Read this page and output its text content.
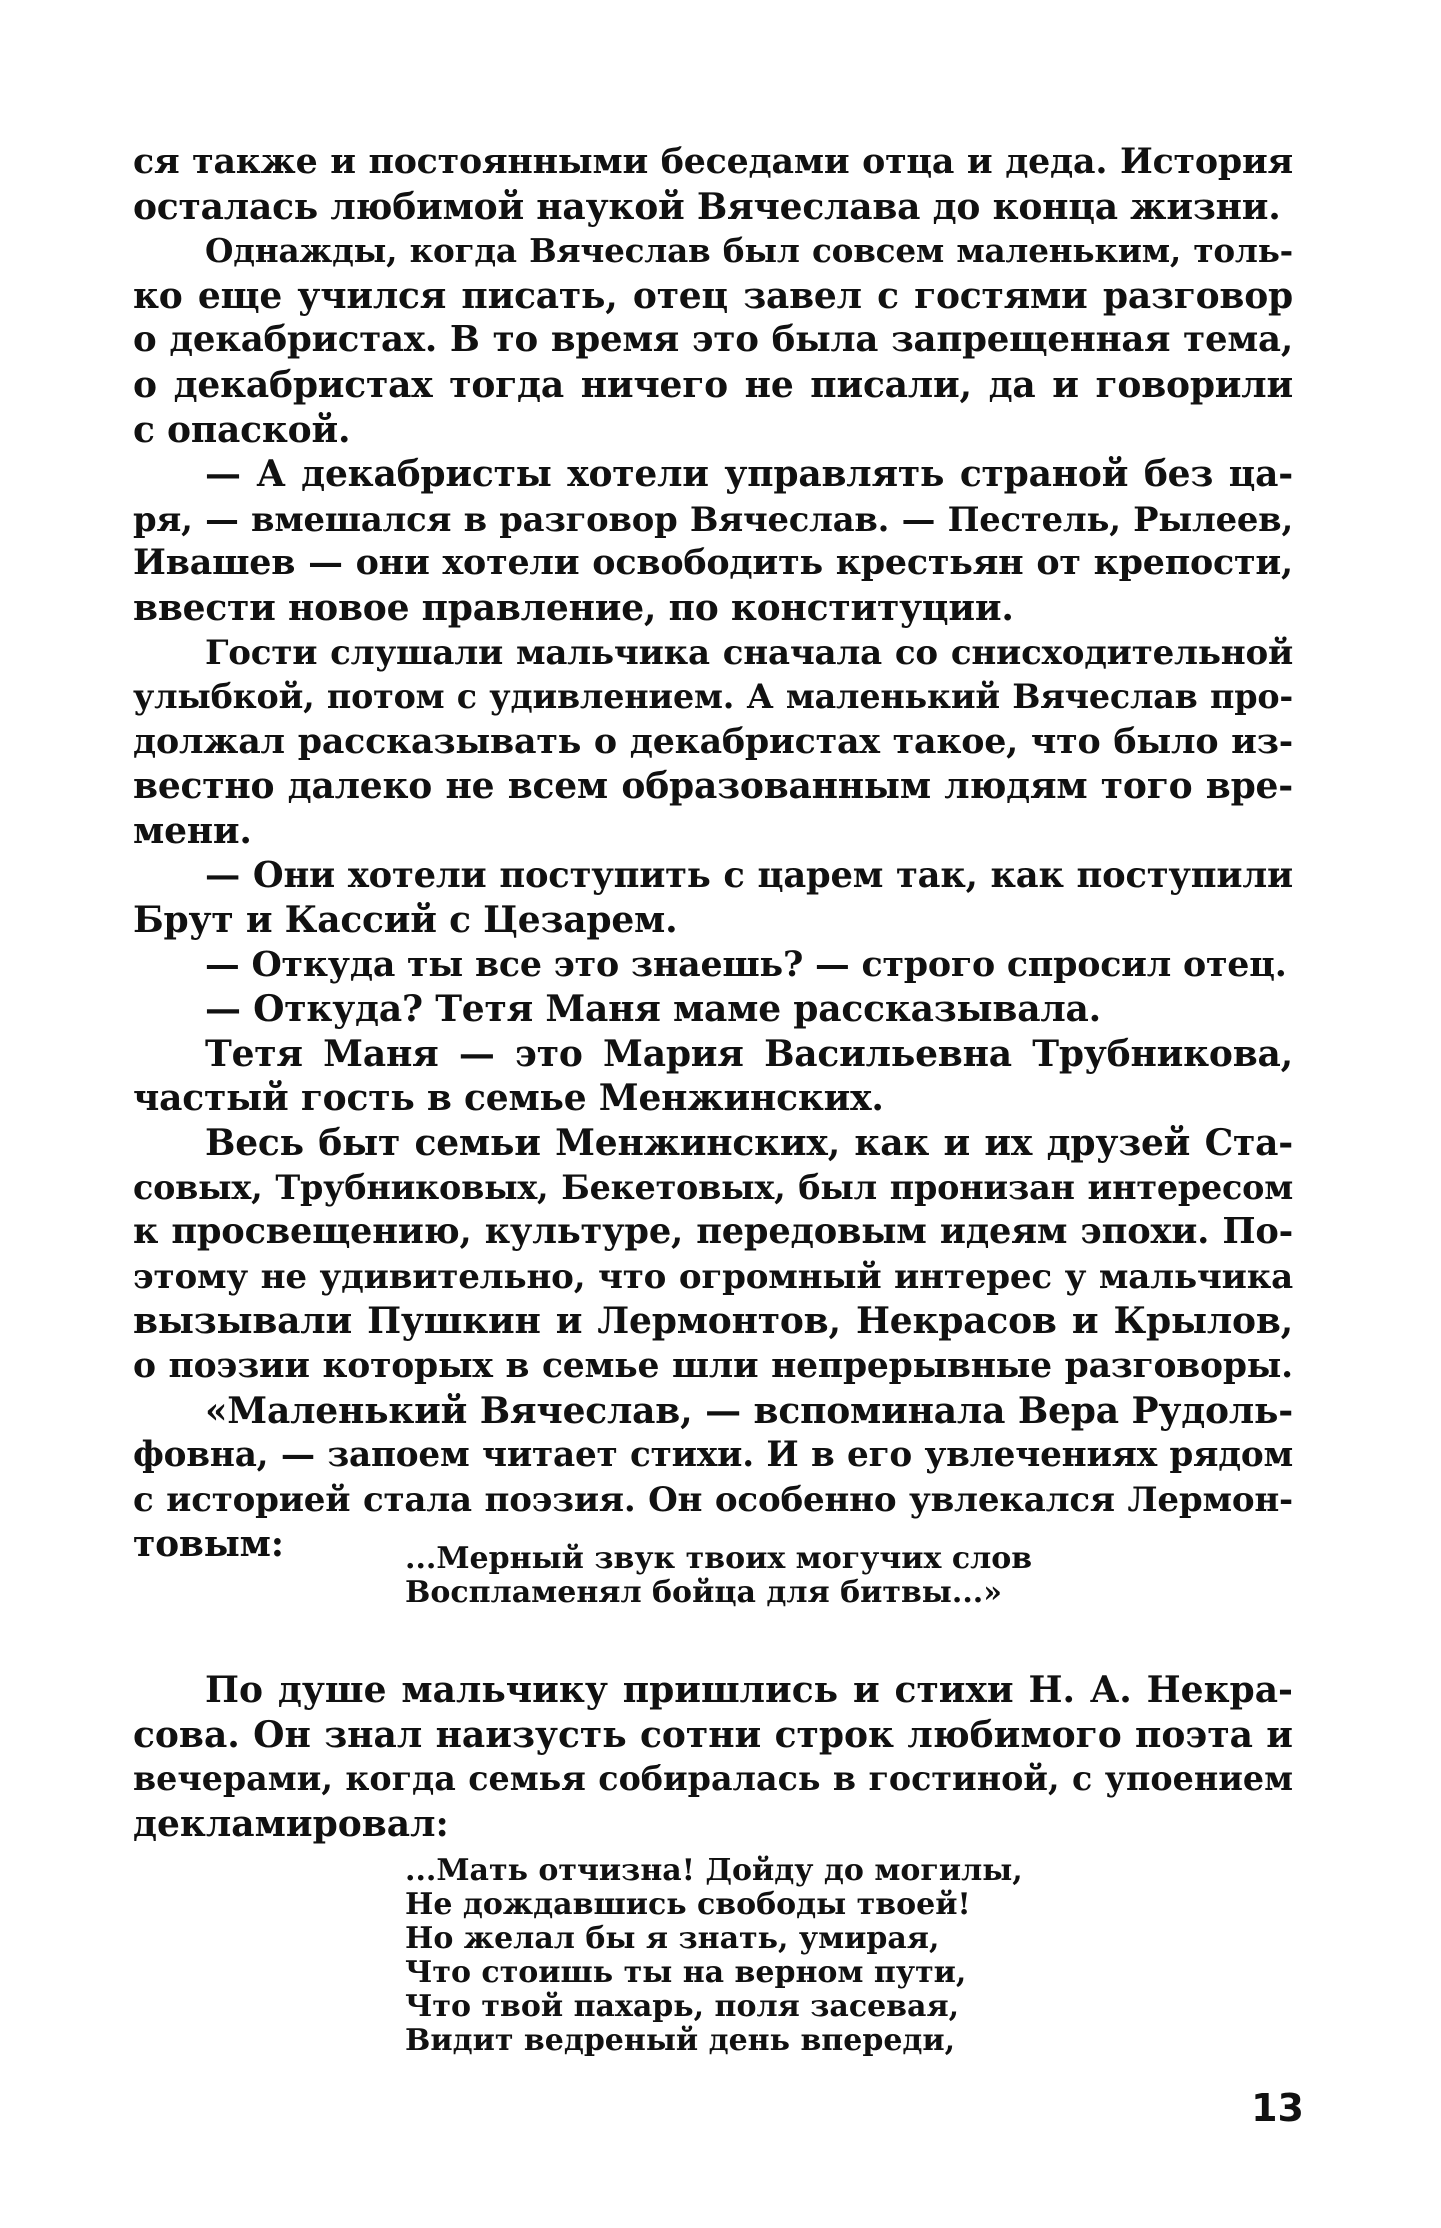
ся также и постоянными беседами отца и деда. История
осталась любимой наукой Вячеслава до конца жизни.
Однажды, когда Вячеслав был совсем маленьким, толь-
ко еще учился писать, отец завел с гостями разговор
о декабристах. В то время это была запрещенная тема,
о декабристах тогда ничего не писали, да и говорили
с опаской.
— А декабристы хотели управлять страной без ца-
ря, — вмешался в разговор Вячеслав. — Пестель, Рылеев,
Ивашев — они хотели освободить крестьян от крепости,
ввести новое правление, по конституции.
Гости слушали мальчика сначала со снисходительной
улыбкой, потом с удивлением. А маленький Вячеслав про-
должал рассказывать о декабристах такое, что было из-
вестно далеко не всем образованным людям того вре-
мени.
— Они хотели поступить с царем так, как поступили
Брут и Кассий с Цезарем.
— Откуда ты все это знаешь? — строго спросил отец.
— Откуда? Тетя Маня маме рассказывала.
Тетя Маня — это Мария Васильевна Трубникова,
частый гость в семье Менжинских.
Весь быт семьи Менжинских, как и их друзей Ста-
совых, Трубниковых, Бекетовых, был пронизан интересом
к просвещению, культуре, передовым идеям эпохи. По-
этому не удивительно, что огромный интерес у мальчика
вызывали Пушкин и Лермонтов, Некрасов и Крылов,
о поэзии которых в семье шли непрерывные разговоры.
«Маленький Вячеслав, — вспоминала Вера Рудоль-
фовна, — запоем читает стихи. И в его увлечениях рядом
с историей стала поэзия. Он особенно увлекался Лермон-
товым:	...Мерный звук твоих могучих слов
Воспламенял бойца для битвы...»
По душе мальчику пришлись и стихи Н. А. Некра-
сова. Он знал наизусть сотни строк любимого поэта и
вечерами, когда семья собиралась в гостиной, с упоением
декламировал:
...Мать отчизна! Дойду до могилы,
Не дождавшись свободы твоей!
Но желал бы я знать, умирая,
Что стоишь ты на верном пути,
Что твой пахарь, поля засевая,
Видит ведреный день впереди,
13
